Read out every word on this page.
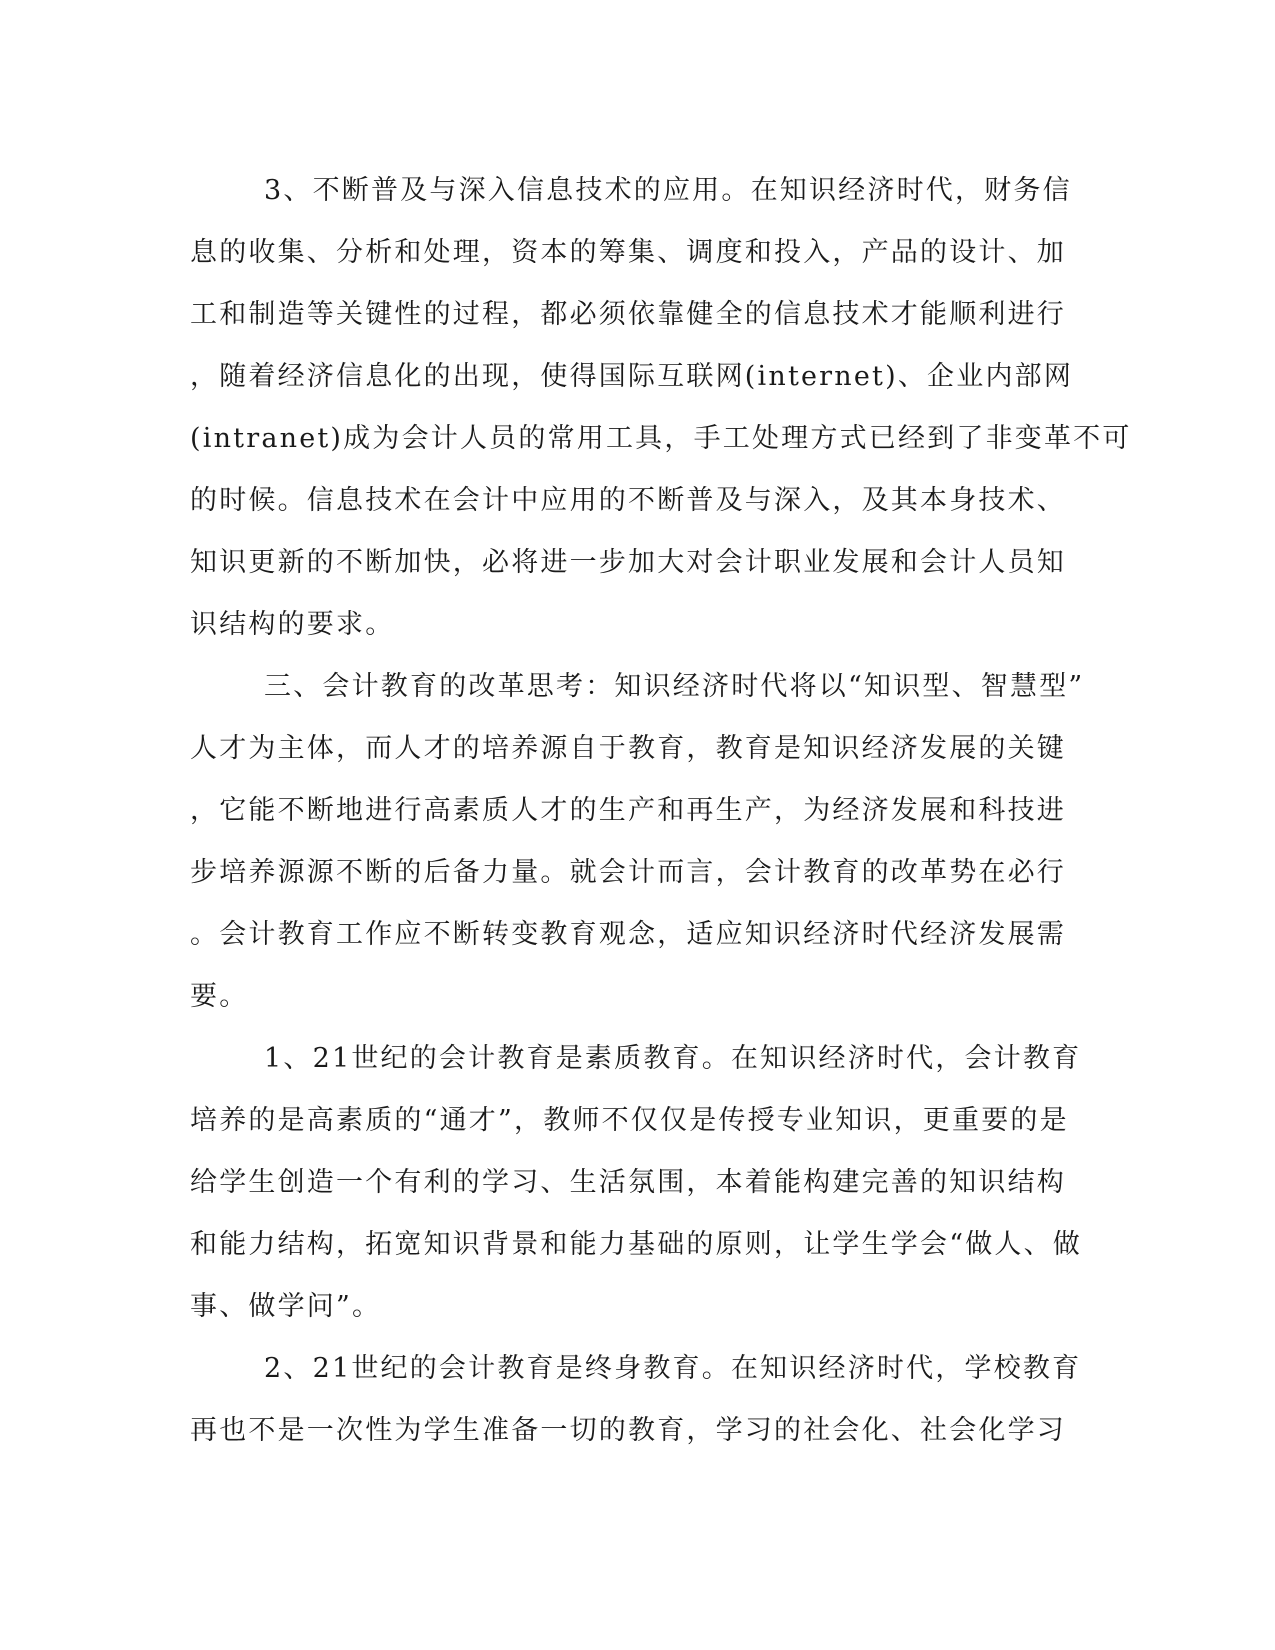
3、不断普及与深入信息技术的应用。在知识经济时代，财务信
息的收集、分析和处理，资本的筹集、调度和投入，产品的设计、加
工和制造等关键性的过程，都必须依靠健全的信息技术才能顺利进行
，随着经济信息化的出现，使得国际互联网(internet)、企业内部网
(intranet)成为会计人员的常用工具，手工处理方式已经到了非变革不可
的时候。信息技术在会计中应用的不断普及与深入，及其本身技术、
知识更新的不断加快，必将进一步加大对会计职业发展和会计人员知
识结构的要求。
三、会计教育的改革思考：知识经济时代将以“知识型、智慧型”
人才为主体，而人才的培养源自于教育，教育是知识经济发展的关键
，它能不断地进行高素质人才的生产和再生产，为经济发展和科技进
步培养源源不断的后备力量。就会计而言，会计教育的改革势在必行
。会计教育工作应不断转变教育观念，适应知识经济时代经济发展需
要。
1、21世纪的会计教育是素质教育。在知识经济时代，会计教育
培养的是高素质的“通才”，教师不仅仅是传授专业知识，更重要的是
给学生创造一个有利的学习、生活氛围，本着能构建完善的知识结构
和能力结构，拓宽知识背景和能力基础的原则，让学生学会“做人、做
事、做学问”。
2、21世纪的会计教育是终身教育。在知识经济时代，学校教育
再也不是一次性为学生准备一切的教育，学习的社会化、社会化学习
